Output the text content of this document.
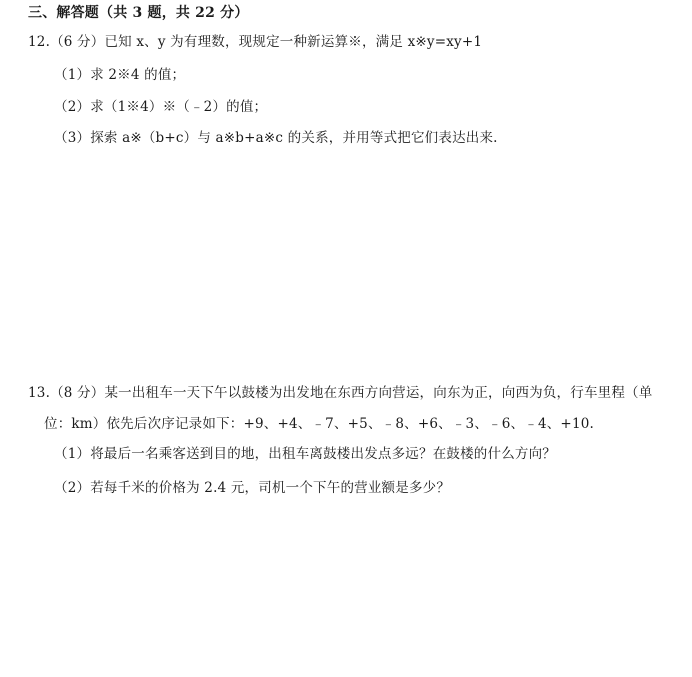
三、解答题（共 3 题，共 22 分）
12.（6 分）已知 x、y 为有理数，现规定一种新运算※，满足 x※y=xy+1
（1）求 2※4 的值；
（2）求（1※4）※（﹣2）的值；
（3）探索 a※（b+c）与 a※b+a※c 的关系，并用等式把它们表达出来.
13.（8 分）某一出租车一天下午以鼓楼为出发地在东西方向营运，向东为正，向西为负，行车里程（单
位：km）依先后次序记录如下：+9、+4、﹣7、+5、﹣8、+6、﹣3、﹣6、﹣4、+10.
（1）将最后一名乘客送到目的地，出租车离鼓楼出发点多远？在鼓楼的什么方向？
（2）若每千米的价格为 2.4 元，司机一个下午的营业额是多少？
